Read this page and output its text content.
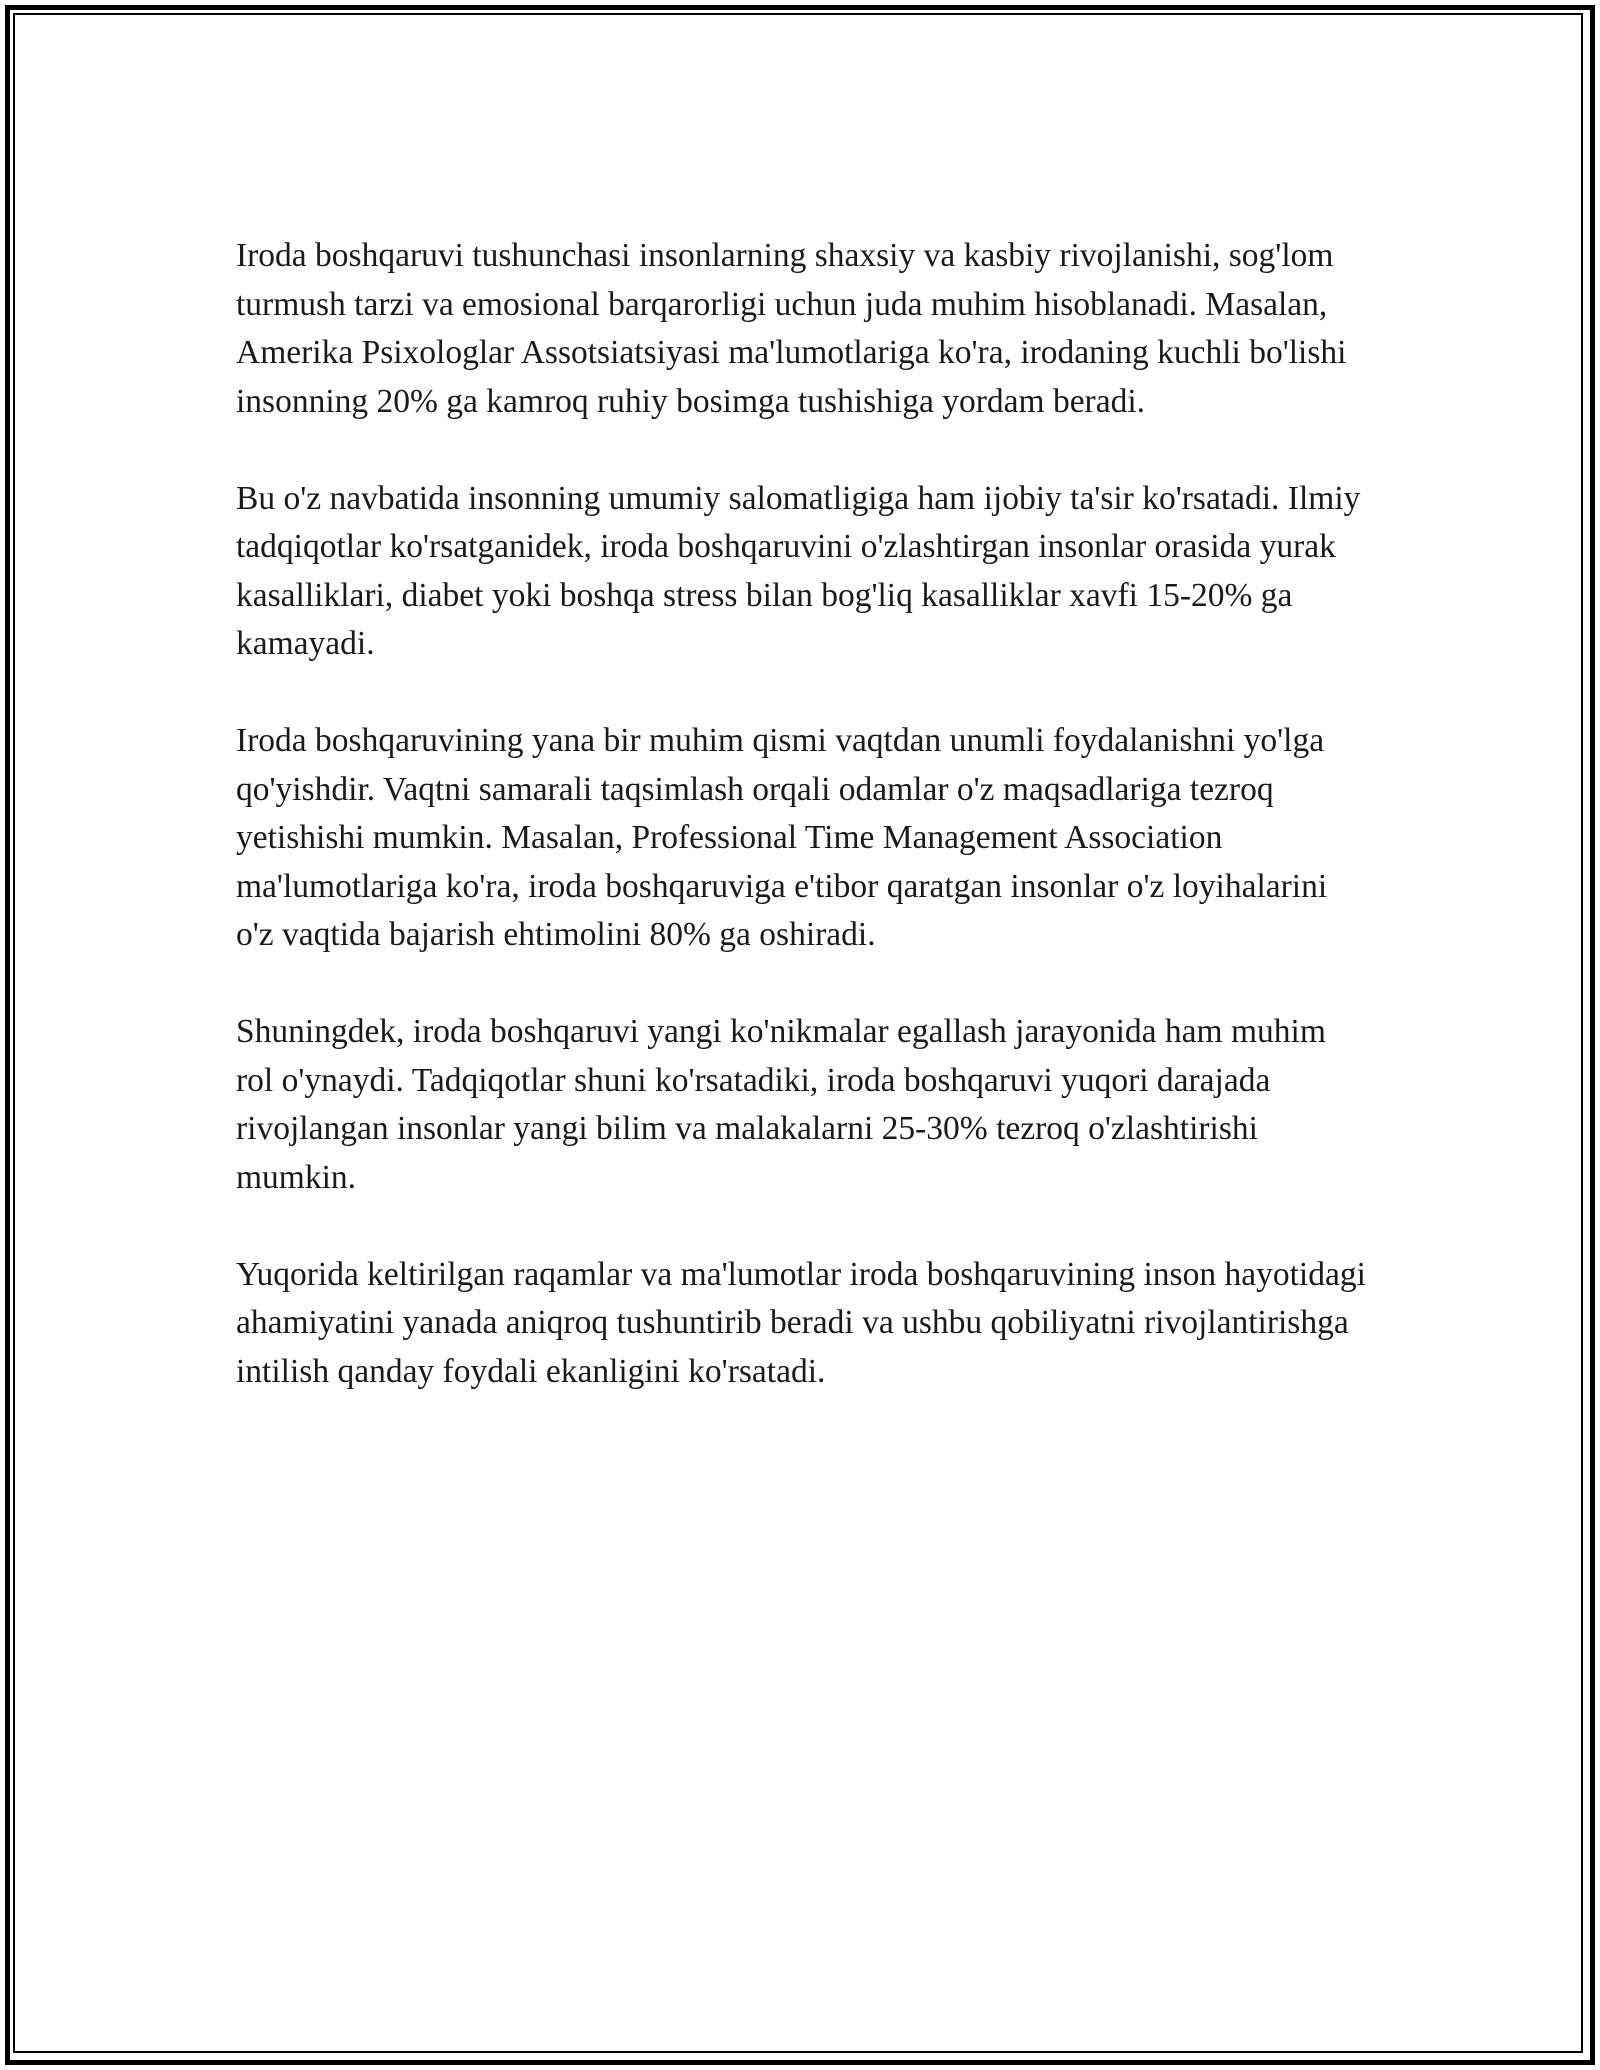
Iroda boshqaruvi tushunchasi insonlarning shaxsiy va kasbiy rivojlanishi, sog'lom turmush tarzi va emosional barqarorligi uchun juda muhim hisoblanadi. Masalan, Amerika Psixologlar Assotsiatsiyasi ma'lumotlariga ko'ra, irodaning kuchli bo'lishi insonning 20% ga kamroq ruhiy bosimga tushishiga yordam beradi.

Bu o'z navbatida insonning umumiy salomatligiga ham ijobiy ta'sir ko'rsatadi. Ilmiy tadqiqotlar ko'rsatganidek, iroda boshqaruvini o'zlashtirgan insonlar orasida yurak kasalliklari, diabet yoki boshqa stress bilan bog'liq kasalliklar xavfi 15-20% ga kamayadi.

Iroda boshqaruvining yana bir muhim qismi vaqtdan unumli foydalanishni yo'lga qo'yishdir. Vaqtni samarali taqsimlash orqali odamlar o'z maqsadlariga tezroq yetishishi mumkin. Masalan, Professional Time Management Association ma'lumotlariga ko'ra, iroda boshqaruviga e'tibor qaratgan insonlar o'z loyihalarini o'z vaqtida bajarish ehtimolini 80% ga oshiradi.

Shuningdek, iroda boshqaruvi yangi ko'nikmalar egallash jarayonida ham muhim rol o'ynaydi. Tadqiqotlar shuni ko'rsatadiki, iroda boshqaruvi yuqori darajada rivojlangan insonlar yangi bilim va malakalarni 25-30% tezroq o'zlashtirishi mumkin.

Yuqorida keltirilgan raqamlar va ma'lumotlar iroda boshqaruvining inson hayotidagi ahamiyatini yanada aniqroq tushuntirib beradi va ushbu qobiliyatni rivojlantirishga intilish qanday foydali ekanligini ko'rsatadi.
